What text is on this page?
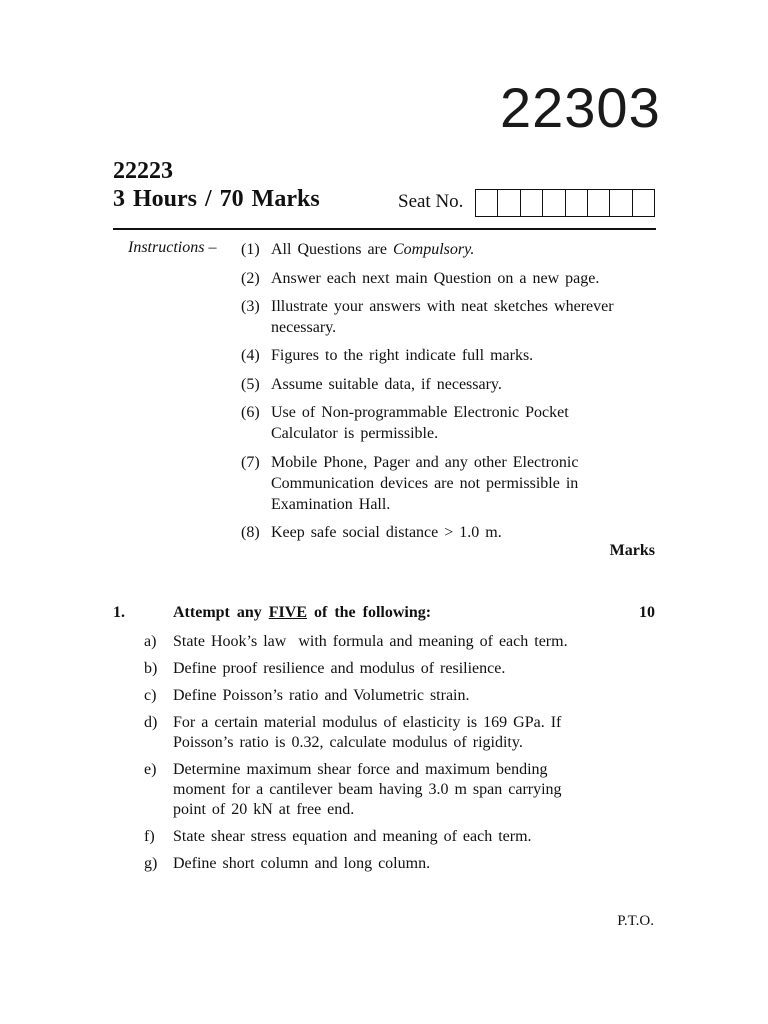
22303
22223
3 Hours / 70 Marks	Seat No.
Instructions – (1) All Questions are Compulsory.
(2) Answer each next main Question on a new page.
(3) Illustrate your answers with neat sketches wherever necessary.
(4) Figures to the right indicate full marks.
(5) Assume suitable data, if necessary.
(6) Use of Non-programmable Electronic Pocket Calculator is permissible.
(7) Mobile Phone, Pager and any other Electronic Communication devices are not permissible in Examination Hall.
(8) Keep safe social distance > 1.0 m.
Marks
1.	Attempt any FIVE of the following:	10
a)	State Hook’s law  with formula and meaning of each term.
b) Define proof resilience and modulus of resilience.
c)	Define Poisson’s ratio and Volumetric strain.
d) For a certain material modulus of elasticity is 169 GPa. If Poisson’s ratio is 0.32, calculate modulus of rigidity.
e)	Determine maximum shear force and maximum bending moment for a cantilever beam having 3.0 m span carrying point of 20 kN at free end.
f)	State shear stress equation and meaning of each term.
g) Define short column and long column.
P.T.O.
